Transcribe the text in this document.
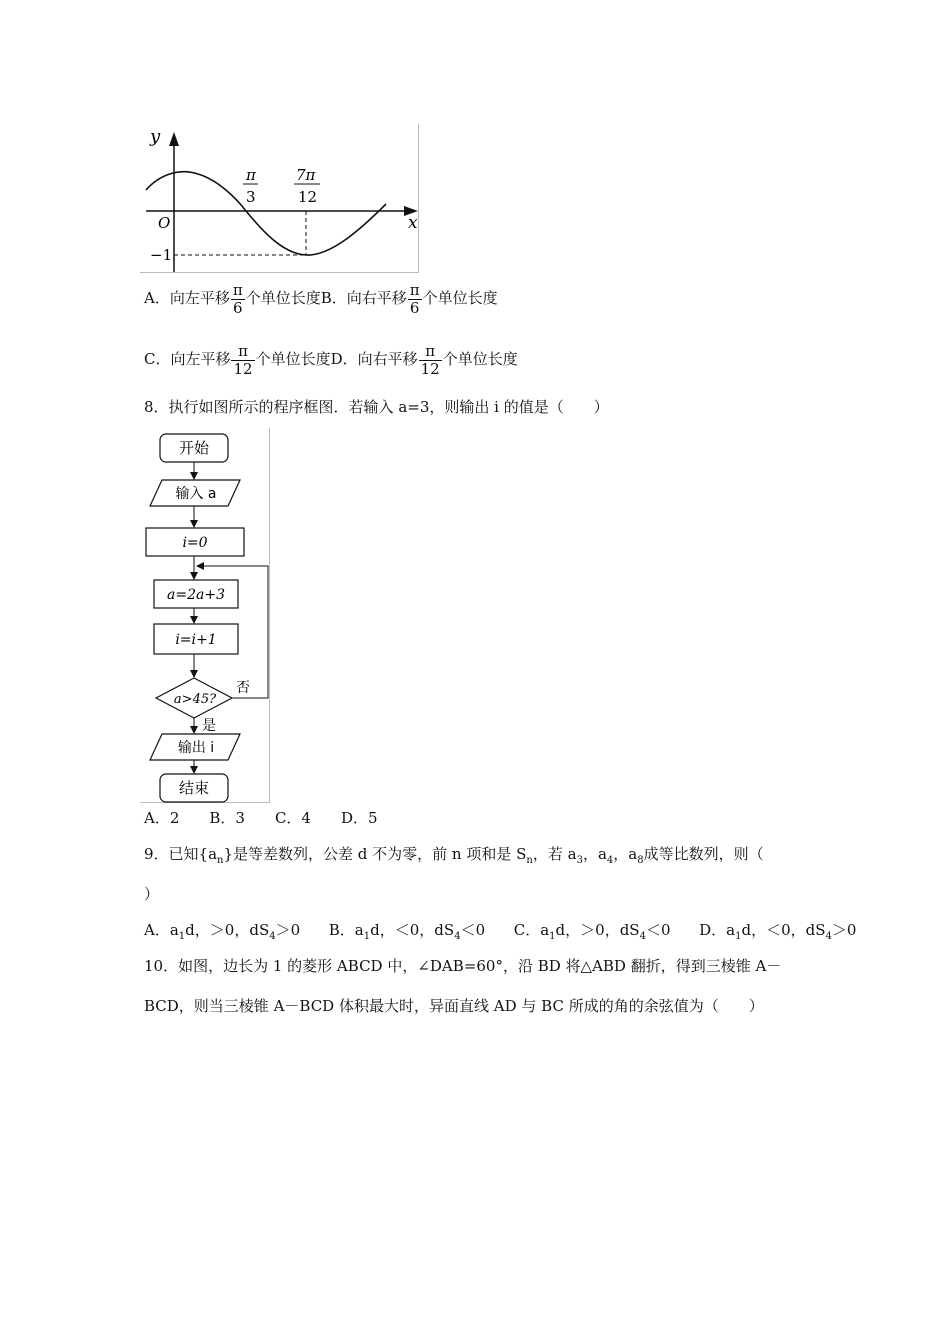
y
x
O
−1
π
3
7π
12
A．向左平移 $\frac{\pi}{6}$ 个单位长度B．向右平移 $\frac{\pi}{6}$ 个单位长度
C．向左平移 $\frac{\pi}{12}$ 个单位长度D．向右平移 $\frac{\pi}{12}$ 个单位长度
8．执行如图所示的程序框图．若输入 a=3，则输出 i 的值是（　　）
开始
输入 a
i=0
a=2a+3
i=i+1
a>45?
否
是
输出 i
结束
A．2　　B．3　　C．4　　D．5
9．已知$\{a_n\}$是等差数列，公差 d 不为零，前 n 项和是 $S_n$，若 $a_3$，$a_4$，$a_8$成等比数列，则（
）
A．$a_1d$，＞0，$dS_4>0$ B．$a_1d$，＜0，$dS_4<0$ C．$a_1d$，＞0，$dS_4<0$ D．$a_1d$，＜0，$dS_4>0$
10．如图，边长为 1 的菱形 ABCD 中，∠DAB=60°，沿 BD 将△ABD 翻折，得到三棱锥 A－
BCD，则当三棱锥 A－BCD 体积最大时，异面直线 AD 与 BC 所成的角的余弦值为（　　）
